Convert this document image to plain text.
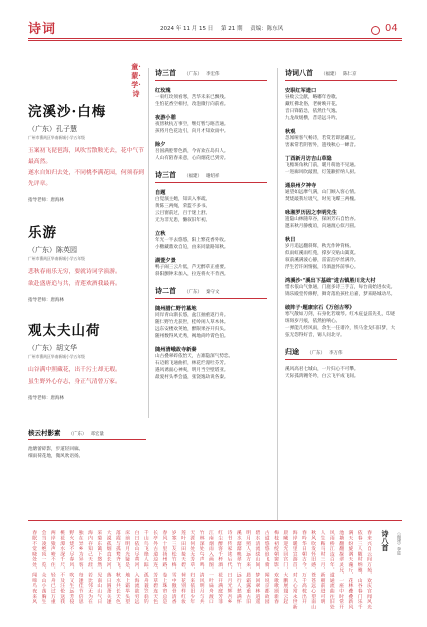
诗词	2024 年 11 月 15 日 第 21 期 责编：陈东风	04
童·蒙·学·诗
浣溪沙·白梅
（广东）孔子慧
广州市番禺区华南新城小学五年级
玉案初飞琵琶海，风吹雪散鞍光去，花中气节最高然。
遂水自知归去处，不同桃李满花园，何须春到先评章。
指导老师：唐海林
乐游
（广东）陈英园
广州市番禺区华南新城小学五年级
悲秋春雨乐无穷，要就诗词学演游。
欲赴盛唐追与共，青莲欢酒我最再。
指导老师：唐海林
观太夫山荷
（广东）胡文华
广州市番禺区华南新城小学五年级
山谷满中照藏花，出千污土却无瑕。
虽生野外心存志，身正气清曾万家。
指导老师：唐海林
诗三首 （广东） 李宏伟
红玫瑰
一束红玫须看寒，苦华未来已飘残。
生怕花香空相付，改泡微行向前看。
夜游小憩
夜傍秋杭万事空，继灯暂与晤音通。
孩将月色花边引，向月才知欢雨中。
除夕
吾国满腔带色新，今宵欢在岛归人。
人山有陌春来意，心向烟花已到旁。
诗三首 （福建） 谢绍祥
自题
白觉演主她，知识入事疏。
黄陈三两绳，荣篮不多书。
云目窗前过，百于迷上舒。
无为非无患，懒叙旧年初。
立秋
年光一半去悠悠，阳上繁花香外收。
小糖藏鼎欢自迫，由来同量路知秋。
湖萱夕景
鸭子闹三云片低，芦无醉草正重要。
斜阳颤钟未加入，拉连将火不肯西。
诗二首 （广东） 秦守文
随州腊仁野竹墓地
同岸青山渐长悠，盆江抽重返行舟。
随仁野竹尤获世，桂岭闲人草木休。
远东安楼欢荚始，醉限果谷开归头。
随州数得风光秀，褐地尚吟霄色伯。
随州清峨故寺新秦
山古叠翠碎依怡天，古寨隐深气势恋。
石迈鹤飞通曲折，林花烂漫吐芬芳。
遇风诱面心神爽，明月当空壁塔亚。
最爱村头季会盛，张饶逸劫说各秦。
诗词八首 （福建） 陈仁京
安职红军遗口
昼败云尘献，略嘟年卷歌。
藏红佛北俗，老树映开花。
音日锋陷急，依然仕气逸。
九龙故缓横，昔话远斗吟。
秋观
忽闻哑客气畅诗，若赏若即惩藏豆。
害素常若阴智外，遗残秋心一蝉音。
丁酉新月访吉山草隐
飞檐斑角秋门前，暖月萌池不见通。
一进廊风吹敲窗，灯笼歉折纳人厨。
通泉州夕神寺
通望如远摩气满，山门顾入客心情。
焚烧敲我垃圾气，时见飞蝶三两槐。
咏湘罗历因之李明先生
遗隐山林随草谷，探闲芳石自怡亦。
邀来秋月静瘦谊，向通渡心似月圆。
秋日
岁月追远翻斜辉，秋光作钟背杨。
似雨虹溪雨红苑，撑岁交贴山篱寞。
叙前溪满波心静，雷雷泊亭丝满冷。
浮生若许闲情据，诗酒盈怀前事心。
鸿溪沙·"溪出下基础"进古镇胜川龙大村
惜水依山气象通，门庭多诗三手言，每台南始进农史。
锦乐殿堂传修野，舞奇落鱼孩杜后嘉，梦来路城动尽。
破阵子·题康宗石《万创古琴》
寒气散如刀剑，石身化若端琴。红木庇益雷先孔，印迹斑斑岁月痕，依然拍响心。
一弹能几经风雨，余生一任谱冷，铁马金戈归旧梦，大弦无怨得好音，锡人问北寻。
归途 （广东） 李万伟
溪风高君七城山，一片归心不可攀。
天际孤鸿翱冬吟，白云飞平成飞间。
核云村影素 （广东） 邓宏量
池塘蕾碎影，步道轻回廊。
细雨荷花地，微风吹语扬。
春来兴自云间万苑，欢庆宫闻风光
依春三人随时纳雅，山谷春门乐千
满天纷旋满天藻斤，花林叠叠新风
池塘翻翻凝翠灵兄，一座中时常开
风雨桥江边百年，道通流曲往旧处
人生鞍马时三月，新朝前进可明
秋风吹发怀旧感，苍苍远心望南山
春吟华日朝古今，万千高枕出开
海岸暖里宣游首，对人心常永世新
晨曦迎光回宫门，大鹏展翅云起
梅枝初绽朝窗影，欢歌歌颂新春
古道悠悠追飞骑，闻说京都故园
碧水清流绕山间，梦回翠林逍遥
明月照人远方来，晨霜露重古旧
溪水潺潺映翠竹，远行人愁满怀
诗书传家读后代，日月光辉吾乡
红尘醉客千杯酒，花开满庭芳菲
江南烟雨入画图，一叶扁舟渡口
竹林深处鸟声鸣，清风明月与共
天涯何处无芳草，归来依旧少年
莲叶田田接天碧，荷花别样红妆
岁寒三友松竹梅，雪中傲骨清香
春风十里扬州路，卷上珠帘总是
长亭外古道边连，芳草碧连天色
千山鸟飞绝人踪，孤舟蓑笠翁钓
白日依山尽黄河，入海流欲穷远
床前明月光疑是，地上霜举头望
落霞与孤鹜齐飞，秋水共长天色
大漠孤烟直长河，落日圆萧关逢
采菊东篱下悠然，见南山山气日
海内存知己天涯，若比邻无为在
独在异乡为异客，每逢佳节倍思
野火烧不尽春风，吹又生远芳侵
桃花潭水深千尺，不及汪伦送我
两岸猿声啼不住，轻舟已过万重
会当凌绝顶一览，众山小荡胸生
春眠不觉晓处处，闻啼鸟夜来风	诗八首	（福建）李进
